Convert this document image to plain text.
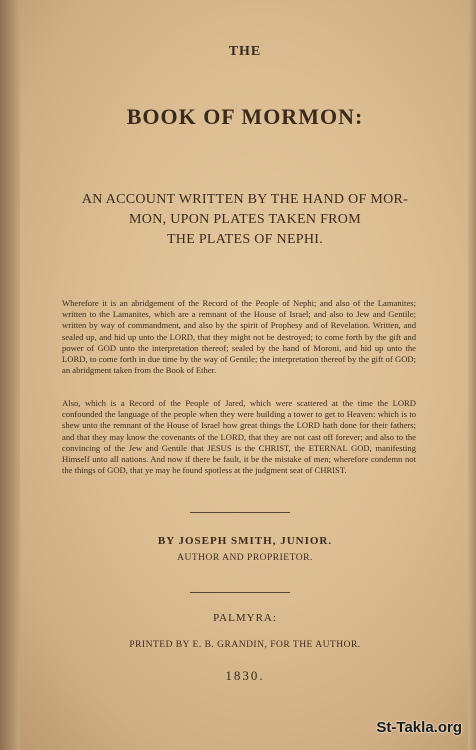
THE
BOOK OF MORMON:
AN ACCOUNT WRITTEN BY THE HAND OF MOR-
MON, UPON PLATES TAKEN FROM
THE PLATES OF NEPHI.
Wherefore it is an abridgement of the Record of the People of Nephi; and also of the Lamanites; written to the Lamanites, which are a remnant of the House of Israel; and also to Jew and Gentile; written by way of commandment, and also by the spirit of Prophesy and of Revelation. Written, and sealed up, and hid up unto the LORD, that they might not be destroyed; to come forth by the gift and power of GOD unto the interpretation thereof; sealed by the hand of Moroni, and hid up unto the LORD, to come forth in due time by the way of Gentile; the interpretation thereof by the gift of GOD; an abridgment taken from the Book of Ether.
Also, which is a Record of the People of Jared, which were scattered at the time the LORD confounded the language of the people when they were building a tower to get to Heaven: which is to shew unto the remnant of the House of Israel how great things the LORD hath done for their fathers; and that they may know the covenants of the LORD, that they are not cast off forever; and also to the convincing of the Jew and Gentile that JESUS is the CHRIST, the ETERNAL GOD, manifesting Himself unto all nations. And now if there be fault, it be the mistake of men; wherefore condemn not the things of GOD, that ye may be found spotless at the judgment seat of CHRIST.
BY JOSEPH SMITH, JUNIOR.
AUTHOR AND PROPRIETOR.
PALMYRA:
PRINTED BY E. B. GRANDIN, FOR THE AUTHOR.
1830.
St-Takla.org
